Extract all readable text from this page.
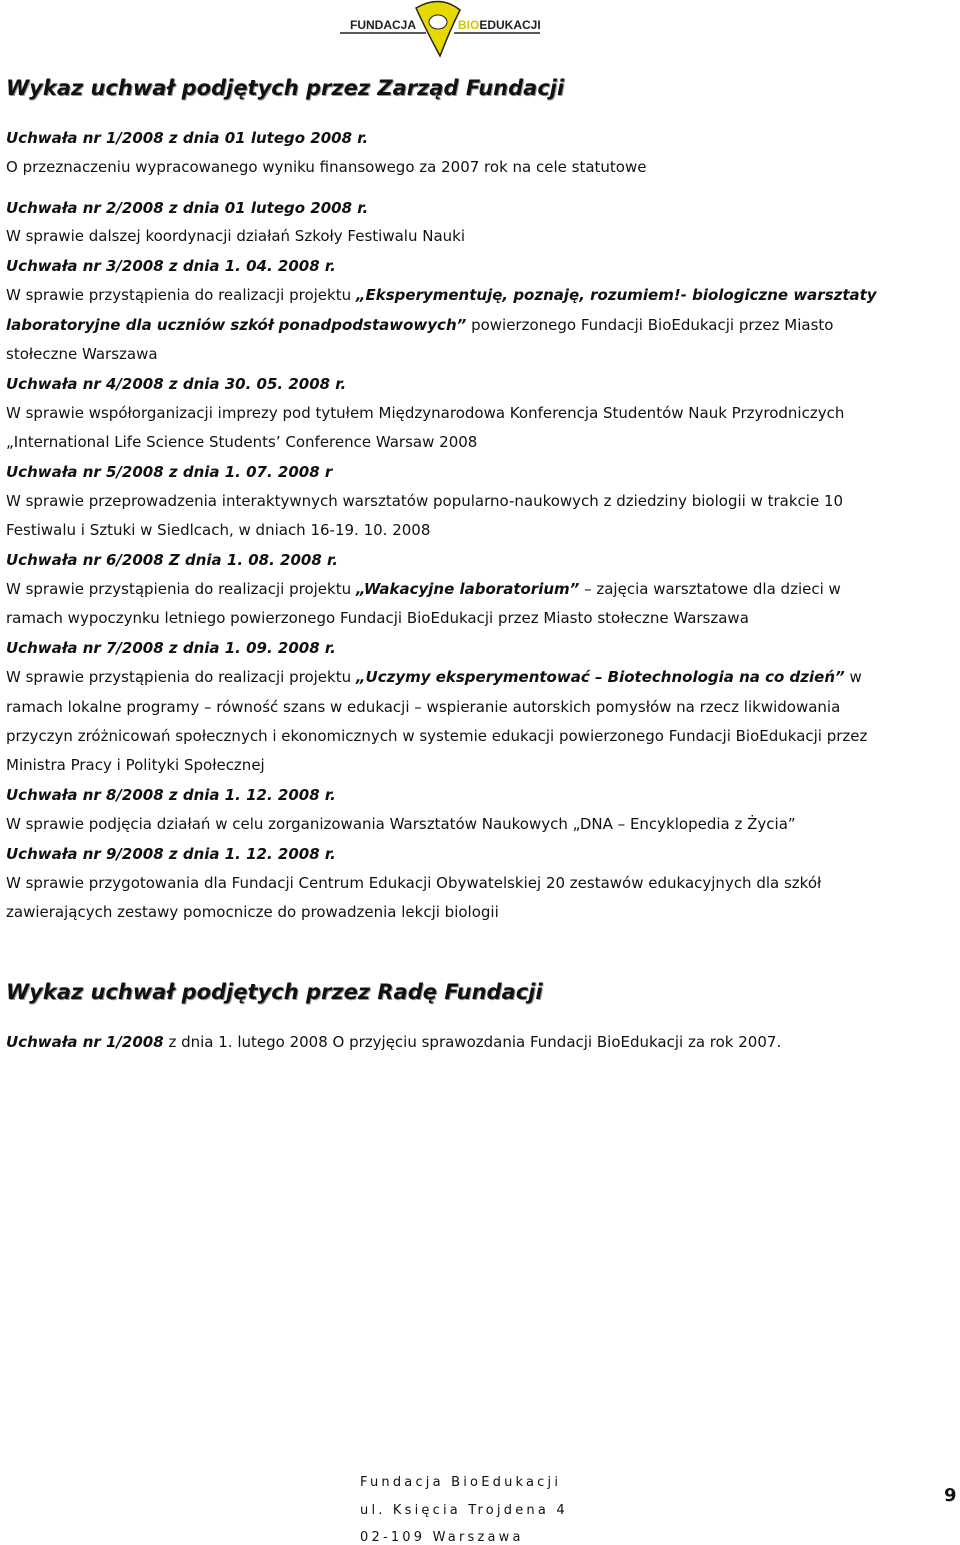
FUNDACJA	BIOEDUKACJI
Wykaz uchwał podjętych przez Zarząd Fundacji
Uchwała nr 1/2008 z dnia 01 lutego 2008 r.
O przeznaczeniu wypracowanego wyniku finansowego za 2007 rok na cele statutowe
Uchwała nr 2/2008 z dnia 01 lutego 2008 r.
W sprawie dalszej koordynacji działań Szkoły Festiwalu Nauki
Uchwała nr 3/2008 z dnia 1. 04. 2008 r.
W sprawie przystąpienia do realizacji projektu „Eksperymentuję, poznaję, rozumiem!- biologiczne warsztaty
laboratoryjne dla uczniów szkół ponadpodstawowych” powierzonego Fundacji BioEdukacji przez Miasto
stołeczne Warszawa
Uchwała nr 4/2008 z dnia 30. 05. 2008 r.
W sprawie współorganizacji imprezy pod tytułem Międzynarodowa Konferencja Studentów Nauk Przyrodniczych
„International Life Science Students’ Conference Warsaw 2008
Uchwała nr 5/2008 z dnia 1. 07. 2008 r
W sprawie przeprowadzenia interaktywnych warsztatów popularno-naukowych z dziedziny biologii w trakcie 10
Festiwalu i Sztuki w Siedlcach, w dniach 16-19. 10. 2008
Uchwała nr 6/2008 Z dnia 1. 08. 2008 r.
W sprawie przystąpienia do realizacji projektu „Wakacyjne laboratorium” – zajęcia warsztatowe dla dzieci w
ramach wypoczynku letniego powierzonego Fundacji BioEdukacji przez Miasto stołeczne Warszawa
Uchwała nr 7/2008 z dnia 1. 09. 2008 r.
W sprawie przystąpienia do realizacji projektu „Uczymy eksperymentować – Biotechnologia na co dzień” w
ramach lokalne programy – równość szans w edukacji – wspieranie autorskich pomysłów na rzecz likwidowania
przyczyn zróżnicowań społecznych i ekonomicznych w systemie edukacji powierzonego Fundacji BioEdukacji przez
Ministra Pracy i Polityki Społecznej
Uchwała nr 8/2008 z dnia 1. 12. 2008 r.
W sprawie podjęcia działań w celu zorganizowania Warsztatów Naukowych „DNA – Encyklopedia z Życia”
Uchwała nr 9/2008 z dnia 1. 12. 2008 r.
W sprawie przygotowania dla Fundacji Centrum Edukacji Obywatelskiej 20 zestawów edukacyjnych dla szkół
zawierających zestawy pomocnicze do prowadzenia lekcji biologii
Wykaz uchwał podjętych przez Radę Fundacji
Uchwała nr 1/2008 z dnia 1. lutego 2008 O przyjęciu sprawozdania Fundacji BioEdukacji za rok 2007.
Fundacja BioEdukacji
ul. Księcia Trojdena 4
02-109 Warszawa
9
